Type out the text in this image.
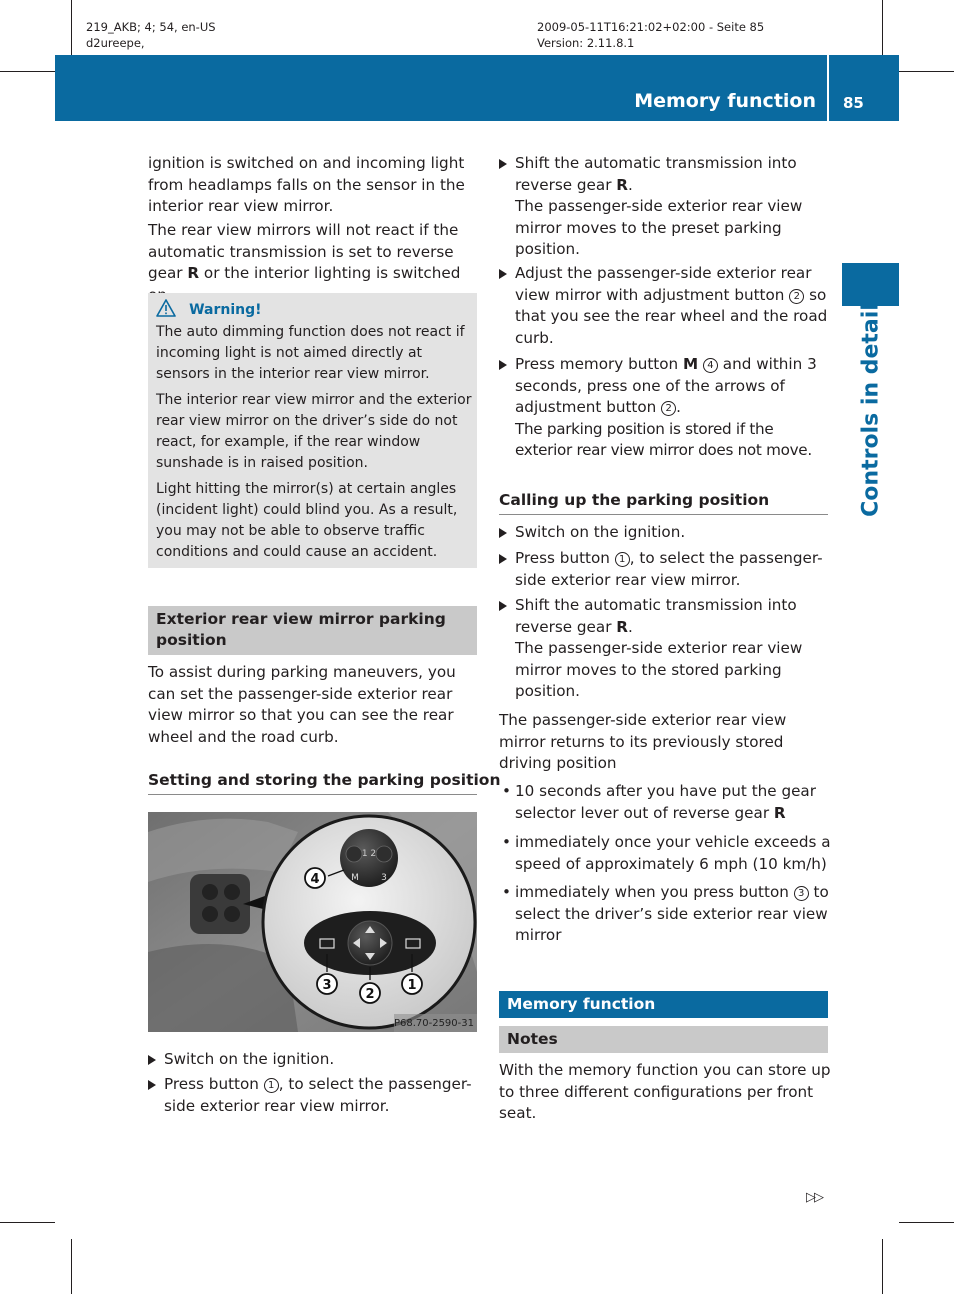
219_AKB; 4; 54, en-US
d2ureepe,
2009-05-11T16:21:02+02:00 - Seite 85
Version: 2.11.8.1
Memory function 85
Controls in detail
ignition is switched on and incoming light from headlamps falls on the sensor in the interior rear view mirror.
The rear view mirrors will not react if the automatic transmission is set to reverse gear R or the interior lighting is switched
Warning!
The auto dimming function does not react if incoming light is not aimed directly at sensors in the interior rear view mirror.
The interior rear view mirror and the exterior rear view mirror on the driver’s side do not react, for example, if the rear window sunshade is in raised position.
Light hitting the mirror(s) at certain angles (incident light) could blind you. As a result, you may not be able to observe traffic conditions and could cause an accident.
Exterior rear view mirror parking position
To assist during parking maneuvers, you can set the passenger-side exterior rear view mirror so that you can see the rear wheel and the road curb.
Setting and storing the parking position
1 2
M 3
4
3
2
1
P68.70-2590-31
Switch on the ignition.
Press button 1 , to select the passenger-side exterior rear view mirror.
Shift the automatic transmission into reverse gear R.
The passenger-side exterior rear view mirror moves to the preset parking position.
Adjust the passenger-side exterior rear view mirror with adjustment button 2 so that you see the rear wheel and the road curb.
Press memory button M 4 and within 3 seconds, press one of the arrows of adjustment button 2 .
The parking position is stored if the exterior rear view mirror does not move.
Calling up the parking position
Switch on the ignition.
Press button 1 , to select the passenger-side exterior rear view mirror.
Shift the automatic transmission into reverse gear R.
The passenger-side exterior rear view mirror moves to the stored parking position.
The passenger-side exterior rear view mirror returns to its previously stored driving position
• 10 seconds after you have put the gear selector lever out of reverse gear R
• immediately once your vehicle exceeds a speed of approximately 6 mph (10 km/h)
• immediately when you press button 3 to select the driver’s side exterior rear view mirror
Memory function
Notes
With the memory function you can store up to three different configurations per front seat.
▷▷
